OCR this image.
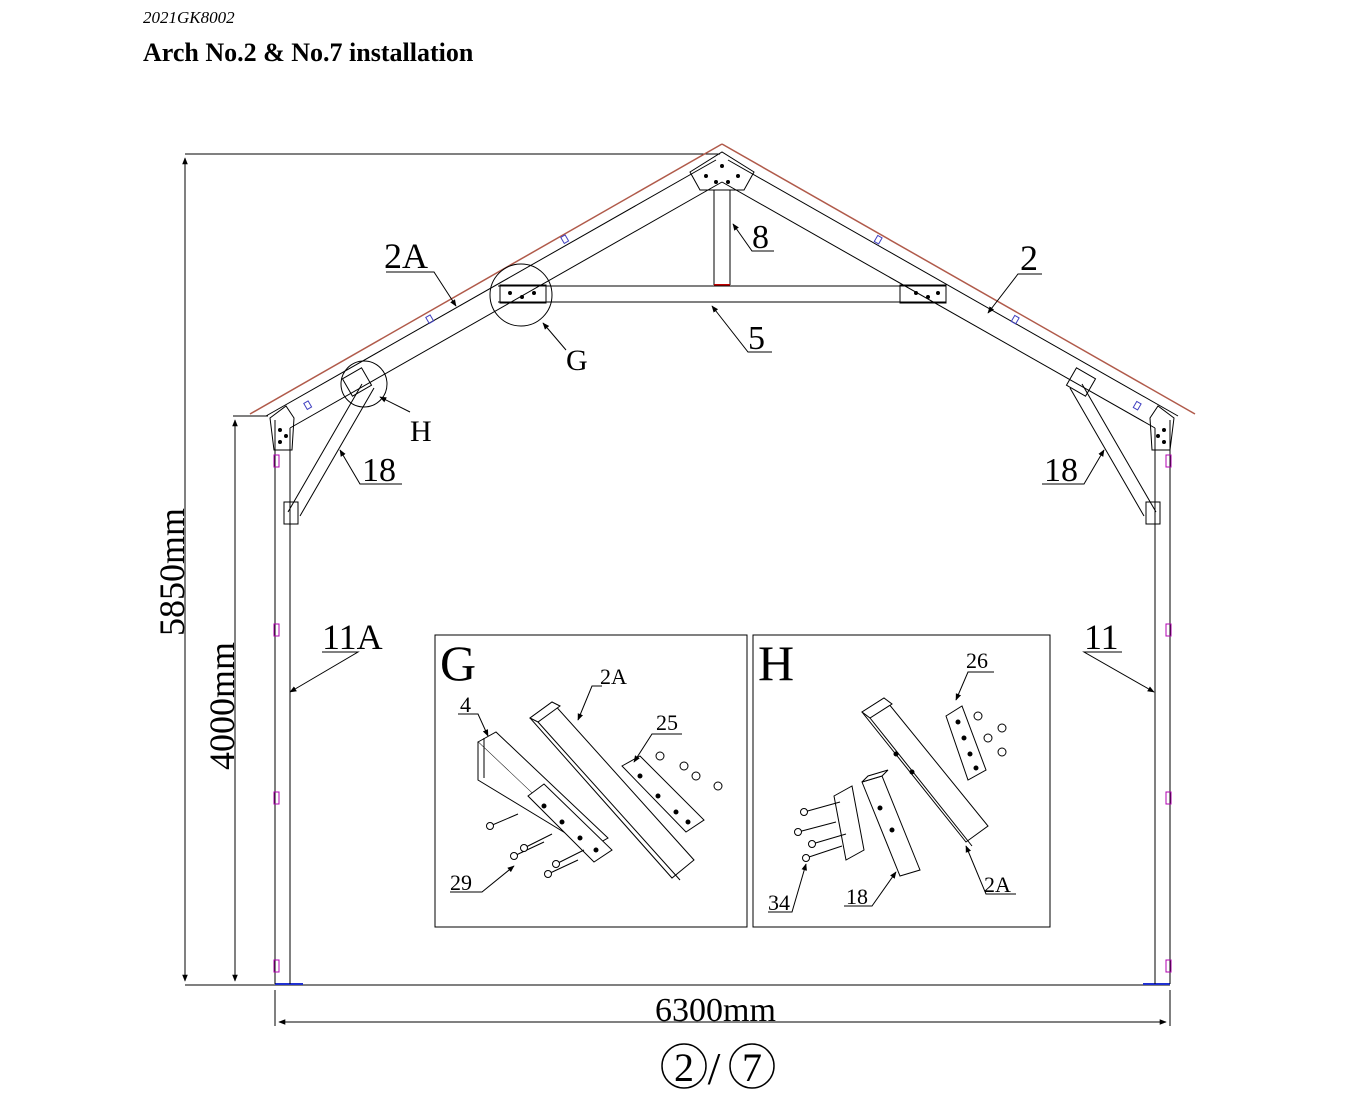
2021GK8002
Arch No.2 & No.7 installation
5850mm
4000mm
6300mm
2A	2
8
5
G
H
18	18
11A	11
G	2A
4
25
29
H	26
2A
18
34
2 / 7
